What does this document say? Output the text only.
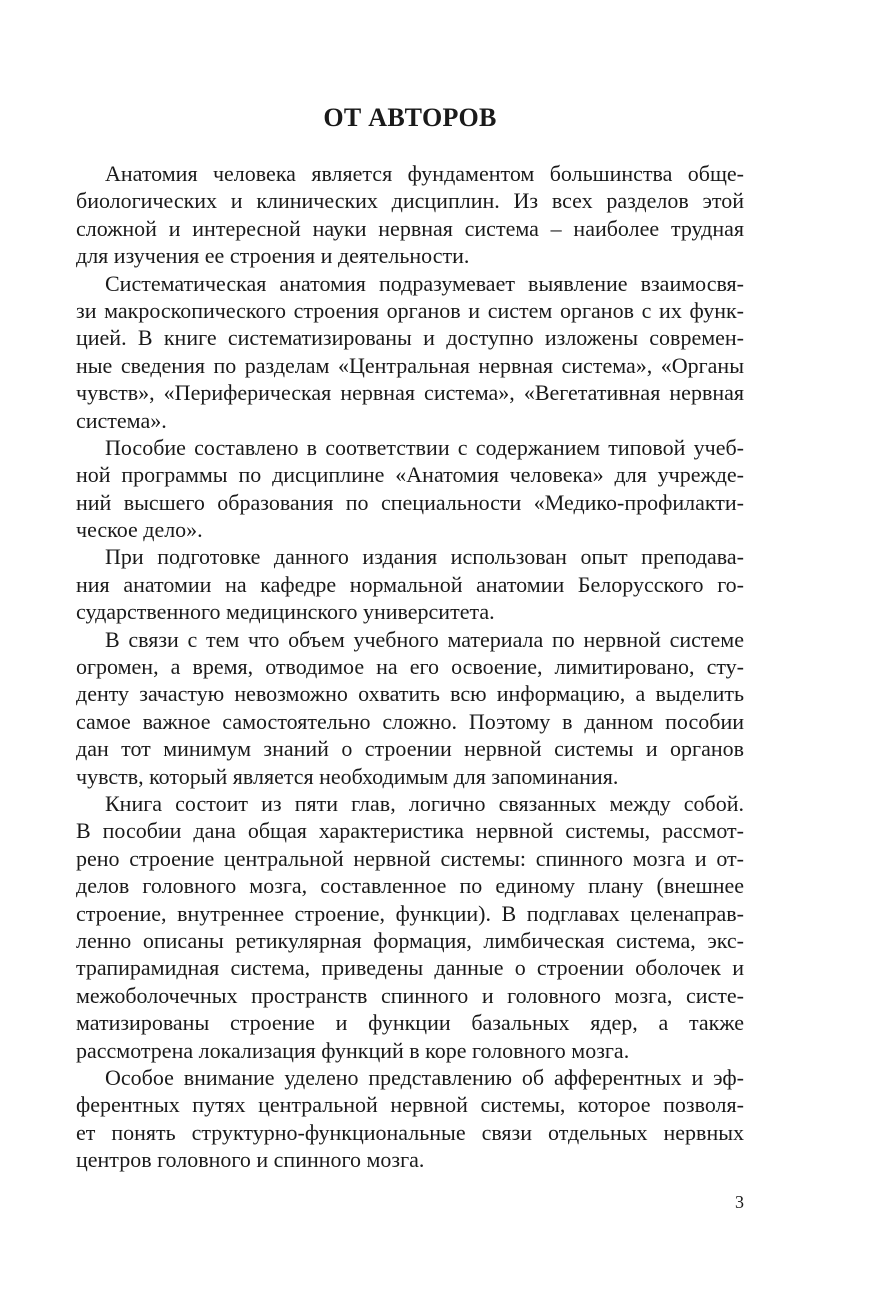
ОТ АВТОРОВ
Анатомия человека является фундаментом большинства обще-
биологических и клинических дисциплин. Из всех разделов этой
сложной и интересной науки нервная система – наиболее трудная
для изучения ее строения и деятельности.
Систематическая анатомия подразумевает выявление взаимосвя-
зи макроскопического строения органов и систем органов с их функ-
цией. В книге систематизированы и доступно изложены современ-
ные сведения по разделам «Центральная нервная система», «Органы
чувств», «Периферическая нервная система», «Вегетативная нервная
система».
Пособие составлено в соответствии с содержанием типовой учеб-
ной программы по дисциплине «Анатомия человека» для учрежде-
ний высшего образования по специальности «Медико-профилакти-
ческое дело».
При подготовке данного издания использован опыт преподава-
ния анатомии на кафедре нормальной анатомии Белорусского го-
сударственного медицинского университета.
В связи с тем что объем учебного материала по нервной системе
огромен, а время, отводимое на его освоение, лимитировано, сту-
денту зачастую невозможно охватить всю информацию, а выделить
самое важное самостоятельно сложно. Поэтому в данном пособии
дан тот минимум знаний о строении нервной системы и органов
чувств, который является необходимым для запоминания.
Книга состоит из пяти глав, логично связанных между собой.
В пособии дана общая характеристика нервной системы, рассмот-
рено строение центральной нервной системы: спинного мозга и от-
делов головного мозга, составленное по единому плану (внешнее
строение, внутреннее строение, функции). В подглавах целенаправ-
ленно описаны ретикулярная формация, лимбическая система, экс-
трапирамидная система, приведены данные о строении оболочек и
межоболочечных пространств спинного и головного мозга, систе-
матизированы строение и функции базальных ядер, а также
рассмотрена локализация функций в коре головного мозга.
Особое внимание уделено представлению об афферентных и эф-
ферентных путях центральной нервной системы, которое позволя-
ет понять структурно-функциональные связи отдельных нервных
центров головного и спинного мозга.
3
